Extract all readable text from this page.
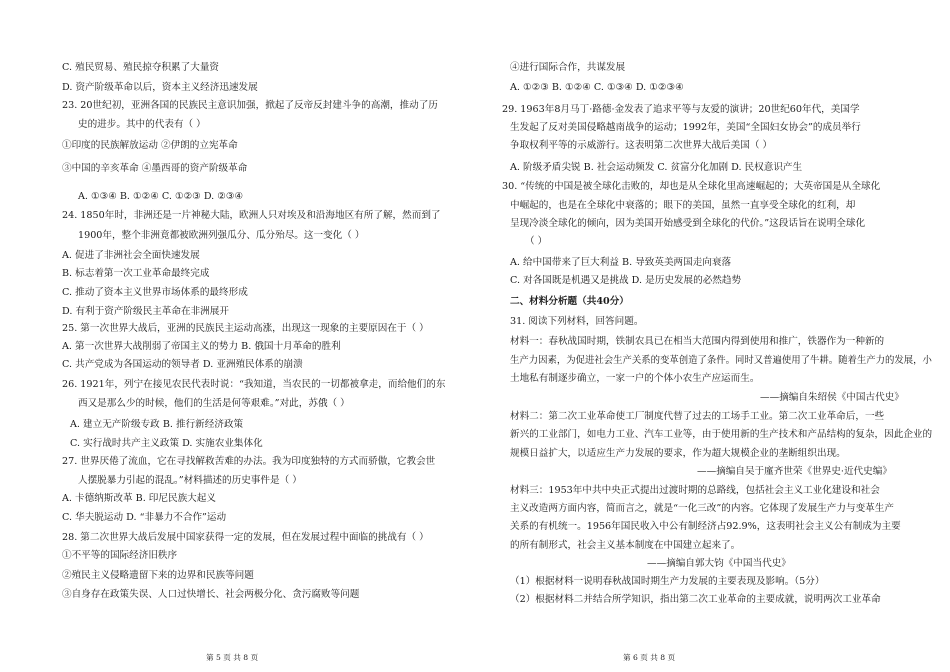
C. 殖民贸易、殖民掠夺积累了大量资
D. 资产阶级革命以后，资本主义经济迅速发展
23. 20世纪初，亚洲各国的民族民主意识加强，掀起了反帝反封建斗争的高潮，推动了历
史的进步。其中的代表有（ ）
①印度的民族解放运动 ②伊朗的立宪革命
③中国的辛亥革命 ④墨西哥的资产阶级革命
A. ①③④ B. ①②④ C. ①②③ D. ②③④
24. 1850年时，非洲还是一片神秘大陆，欧洲人只对埃及和沿海地区有所了解，然而到了
1900年，整个非洲竟都被欧洲列强瓜分、瓜分殆尽。这一变化（ ）
A. 促进了非洲社会全面快速发展
B. 标志着第一次工业革命最终完成
C. 推动了资本主义世界市场体系的最终形成
D. 有利于资产阶级民主革命在非洲展开
25. 第一次世界大战后，亚洲的民族民主运动高涨，出现这一现象的主要原因在于（ ）
A. 第一次世界大战削弱了帝国主义的势力 B. 俄国十月革命的胜利
C. 共产党成为各国运动的领导者 D. 亚洲殖民体系的崩溃
26. 1921年，列宁在接见农民代表时说：“我知道，当农民的一切都被拿走，而给他们的东
西又是那么少的时候，他们的生活是何等艰难。”对此，苏俄（ ）
A. 建立无产阶级专政 B. 推行新经济政策
C. 实行战时共产主义政策 D. 实施农业集体化
27. 世界厌倦了流血，它在寻找解救苦难的办法。我为印度独特的方式而骄傲，它教会世
人摆脱暴力引起的混乱。”材料描述的历史事件是（ ）
A. 卡德纳斯改革 B. 印尼民族大起义
C. 华夫脱运动 D. “非暴力不合作”运动
28. 第二次世界大战后发展中国家获得一定的发展，但在发展过程中面临的挑战有（ ）
①不平等的国际经济旧秩序
②殖民主义侵略遗留下来的边界和民族等问题
③自身存在政策失误、人口过快增长、社会两极分化、贪污腐败等问题
第 5 页 共 8 页
④进行国际合作，共谋发展
A. ①②③ B. ①②④ C. ①③④ D. ①②③④
29. 1963年8月马丁·路德·金发表了追求平等与友爱的演讲；20世纪60年代，美国学
生发起了反对美国侵略越南战争的运动；1992年，美国“全国妇女协会”的成员举行
争取权利平等的示威游行。这表明第二次世界大战后美国（ ）
A. 阶级矛盾尖锐 B. 社会运动频发 C. 贫富分化加剧 D. 民权意识产生
30. “传统的中国是被全球化击败的，却也是从全球化里高速崛起的；大英帝国是从全球化
中崛起的，也是在全球化中衰落的；眼下的美国，虽然一直享受全球化的红利，却
呈现冷淡全球化的倾向，因为美国开始感受到全球化的代价。”这段话旨在说明全球化
（ ）
A. 给中国带来了巨大利益 B. 导致英美两国走向衰落
C. 对各国既是机遇又是挑战 D. 是历史发展的必然趋势
二、材料分析题（共40分）
31. 阅读下列材料，回答问题。
材料一：春秋战国时期，铁制农具已在相当大范围内得到使用和推广，铁器作为一种新的
生产力因素，为促进社会生产关系的变革创造了条件。同时又普遍使用了牛耕。随着生产力的发展，小
土地私有制逐步确立，一家一户的个体小农生产应运而生。
——摘编自朱绍侯《中国古代史》
材料二：第二次工业革命使工厂制度代替了过去的工场手工业。第二次工业革命后，一些
新兴的工业部门，如电力工业、汽车工业等，由于使用新的生产技术和产品结构的复杂，因此企业的
规模日益扩大，以适应生产力发展的要求，作为超大规模企业的垄断组织出现。
——摘编自吴于廑齐世荣《世界史·近代史编》
材料三：1953年中共中央正式提出过渡时期的总路线，包括社会主义工业化建设和社会
主义改造两方面内容，简而言之，就是“一化三改”的内容。它体现了发展生产力与变革生产
关系的有机统一。1956年国民收入中公有制经济占92.9%，这表明社会主义公有制成为主要
的所有制形式，社会主义基本制度在中国建立起来了。
——摘编自郭大钧《中国当代史》
（1）根据材料一说明春秋战国时期生产力发展的主要表现及影响。（5分）
（2）根据材料二并结合所学知识，指出第二次工业革命的主要成就，说明两次工业革命
第 6 页 共 8 页
